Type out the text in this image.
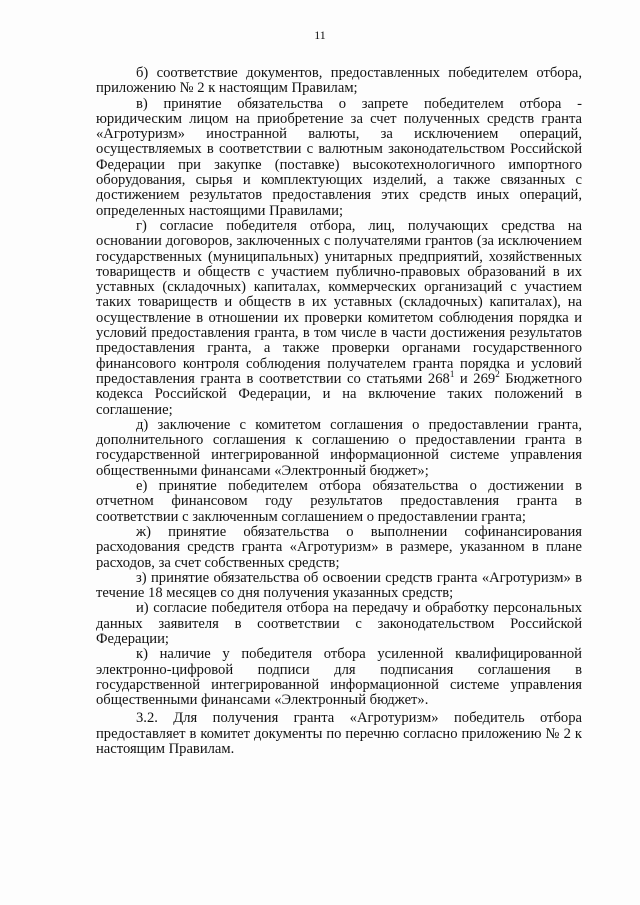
11

б) соответствие документов, предоставленных победителем отбора, приложению № 2 к настоящим Правилам;

в) принятие обязательства о запрете победителем отбора - юридическим лицом на приобретение за счет полученных средств гранта «Агротуризм» иностранной валюты, за исключением операций, осуществляемых в соответствии с валютным законодательством Российской Федерации при закупке (поставке) высокотехнологичного импортного оборудования, сырья и комплектующих изделий, а также связанных с достижением результатов предоставления этих средств иных операций, определенных настоящими Правилами;

г) согласие победителя отбора, лиц, получающих средства на основании договоров, заключенных с получателями грантов (за исключением государственных (муниципальных) унитарных предприятий, хозяйственных товариществ и обществ с участием публично-правовых образований в их уставных (складочных) капиталах, коммерческих организаций с участием таких товариществ и обществ в их уставных (складочных) капиталах), на осуществление в отношении их проверки комитетом соблюдения порядка и условий предоставления гранта, в том числе в части достижения результатов предоставления гранта, а также проверки органами государственного финансового контроля соблюдения получателем гранта порядка и условий предоставления гранта в соответствии со статьями $268^1$ и $269^2$ Бюджетного кодекса Российской Федерации, и на включение таких положений в соглашение;

д) заключение с комитетом соглашения о предоставлении гранта, дополнительного соглашения к соглашению о предоставлении гранта в государственной интегрированной информационной системе управления общественными финансами «Электронный бюджет»;

е) принятие победителем отбора обязательства о достижении в отчетном финансовом году результатов предоставления гранта в соответствии с заключенным соглашением о предоставлении гранта;

ж) принятие обязательства о выполнении софинансирования расходования средств гранта «Агротуризм» в размере, указанном в плане расходов, за счет собственных средств;

з) принятие обязательства об освоении средств гранта «Агротуризм» в течение 18 месяцев со дня получения указанных средств;

и) согласие победителя отбора на передачу и обработку персональных данных заявителя в соответствии с законодательством Российской Федерации;

к) наличие у победителя отбора усиленной квалифицированной электронно-цифровой подписи для подписания соглашения в государственной интегрированной информационной системе управления общественными финансами «Электронный бюджет».

3.2. Для получения гранта «Агротуризм» победитель отбора предоставляет в комитет документы по перечню согласно приложению № 2 к настоящим Правилам.
